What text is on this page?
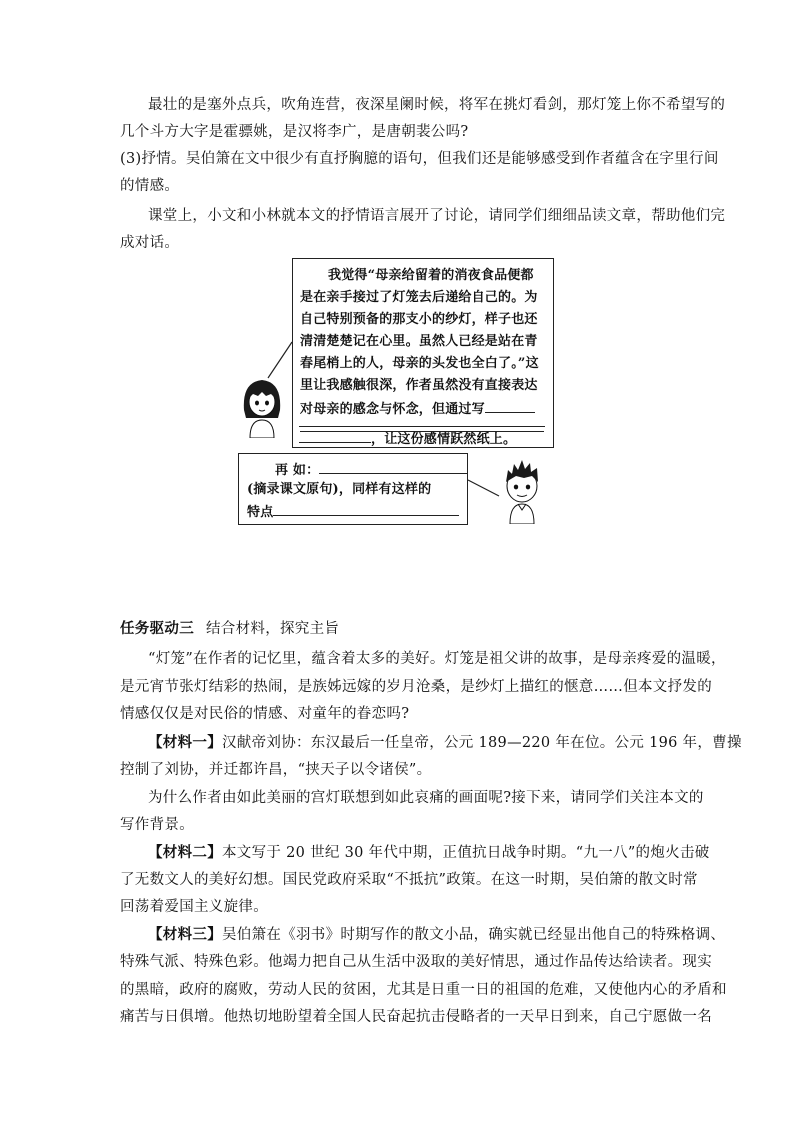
最壮的是塞外点兵，吹角连营，夜深星阑时候，将军在挑灯看剑，那灯笼上你不希望写的
几个斗方大字是霍骠姚，是汉将李广，是唐朝裴公吗?
(3)抒情。吴伯箫在文中很少有直抒胸臆的语句，但我们还是能够感受到作者蕴含在字里行间
的情感。
课堂上，小文和小林就本文的抒情语言展开了讨论，请同学们细细品读文章，帮助他们完
成对话。
我觉得“母亲给留着的消夜食品便都
是在亲手接过了灯笼去后递给自己的。为
自己特别预备的那支小的纱灯，样子也还
清清楚楚记在心里。虽然人已经是站在青
春尾梢上的人，母亲的头发也全白了。”这
里让我感触很深，作者虽然没有直接表达
对母亲的感念与怀念，但通过写
，让这份感情跃然纸上。
再 如：
(摘录课文原句)，同样有这样的
特点
任务驱动三 结合材料，探究主旨
“灯笼”在作者的记忆里，蕴含着太多的美好。灯笼是祖父讲的故事，是母亲疼爱的温暖，
是元宵节张灯结彩的热闹，是族姊远嫁的岁月沧桑，是纱灯上描红的惬意……但本文抒发的
情感仅仅是对民俗的情感、对童年的眷恋吗?
【材料一】汉献帝刘协：东汉最后一任皇帝，公元 189—220 年在位。公元 196 年，曹操
控制了刘协，并迁都许昌，“挟天子以令诸侯”。
为什么作者由如此美丽的宫灯联想到如此哀痛的画面呢?接下来，请同学们关注本文的
写作背景。
【材料二】本文写于 20 世纪 30 年代中期，正值抗日战争时期。“九一八”的炮火击破
了无数文人的美好幻想。国民党政府采取“不抵抗”政策。在这一时期，吴伯箫的散文时常
回荡着爱国主义旋律。
【材料三】吴伯箫在《羽书》时期写作的散文小品，确实就已经显出他自己的特殊格调、
特殊气派、特殊色彩。他竭力把自己从生活中汲取的美好情思，通过作品传达给读者。现实
的黑暗，政府的腐败，劳动人民的贫困，尤其是日重一日的祖国的危难，又使他内心的矛盾和
痛苦与日俱增。他热切地盼望着全国人民奋起抗击侵略者的一天早日到来，自己宁愿做一名
